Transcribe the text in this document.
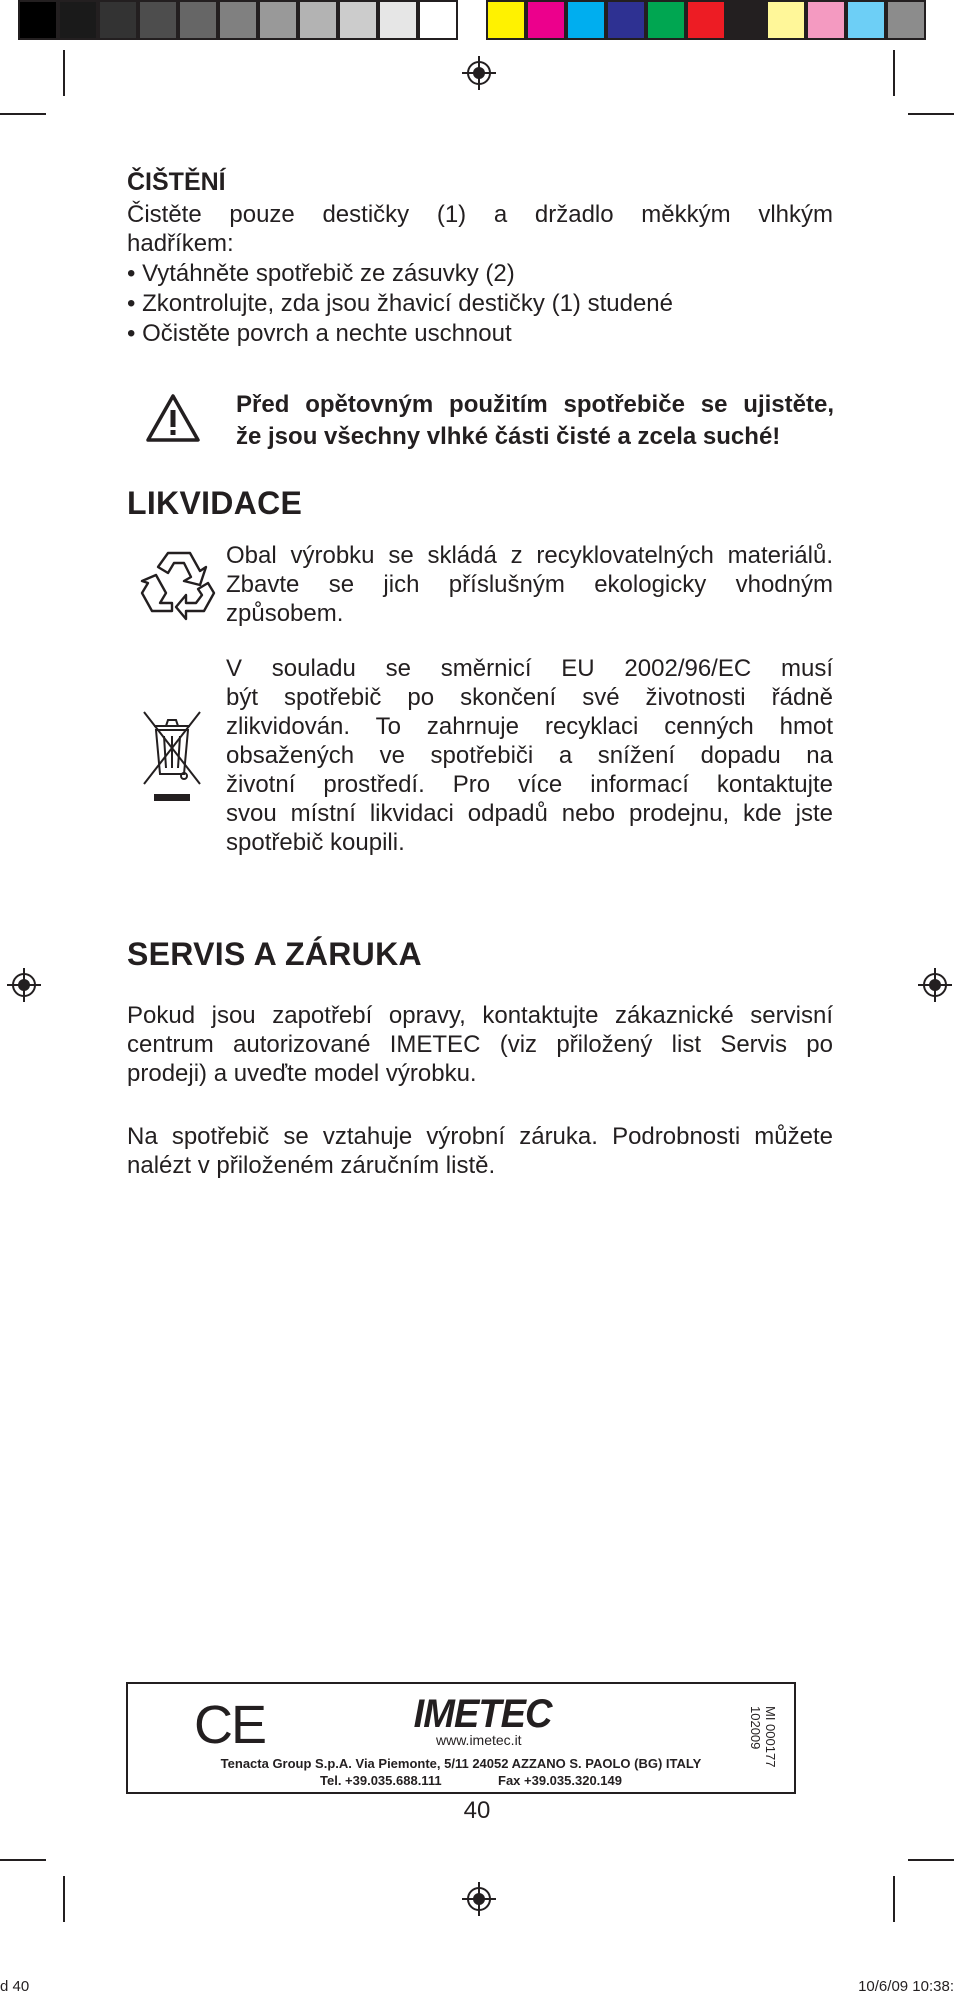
ČIŠTĚNÍ
Čistěte pouze destičky (1) a držadlo měkkým vlhkým
hadříkem:
• Vytáhněte spotřebič ze zásuvky (2)
• Zkontrolujte, zda jsou žhavicí destičky (1) studené
• Očistěte povrch a nechte uschnout
Před opětovným použitím spotřebiče se ujistěte,
že jsou všechny vlhké části čisté a zcela suché!
LIKVIDACE
Obal výrobku se skládá z recyklovatelných materiálů.
Zbavte se jich příslušným ekologicky vhodným
způsobem.
V souladu se směrnicí EU 2002/96/EC musí
být spotřebič po skončení své životnosti řádně
zlikvidován. To zahrnuje recyklaci cenných hmot
obsažených ve spotřebiči a snížení dopadu na
životní prostředí. Pro více informací kontaktujte
svou místní likvidaci odpadů nebo prodejnu, kde jste
spotřebič koupili.
SERVIS A ZÁRUKA
Pokud jsou zapotřebí opravy, kontaktujte zákaznické servisní
centrum autorizované IMETEC (viz přiložený list Servis po
prodeji) a uveďte model výrobku.
Na spotřebič se vztahuje výrobní záruka. Podrobnosti můžete
nalézt v přiloženém záručním listě.
CE	IMETEC
www.imetec.it
Tenacta Group S.p.A. Via Piemonte, 5/11 24052 AZZANO S. PAOLO (BG) ITALY
Tel. +39.035.688.111	Fax +39.035.320.149
MI 000177
102009
40
d 40	10/6/09 10:38:
